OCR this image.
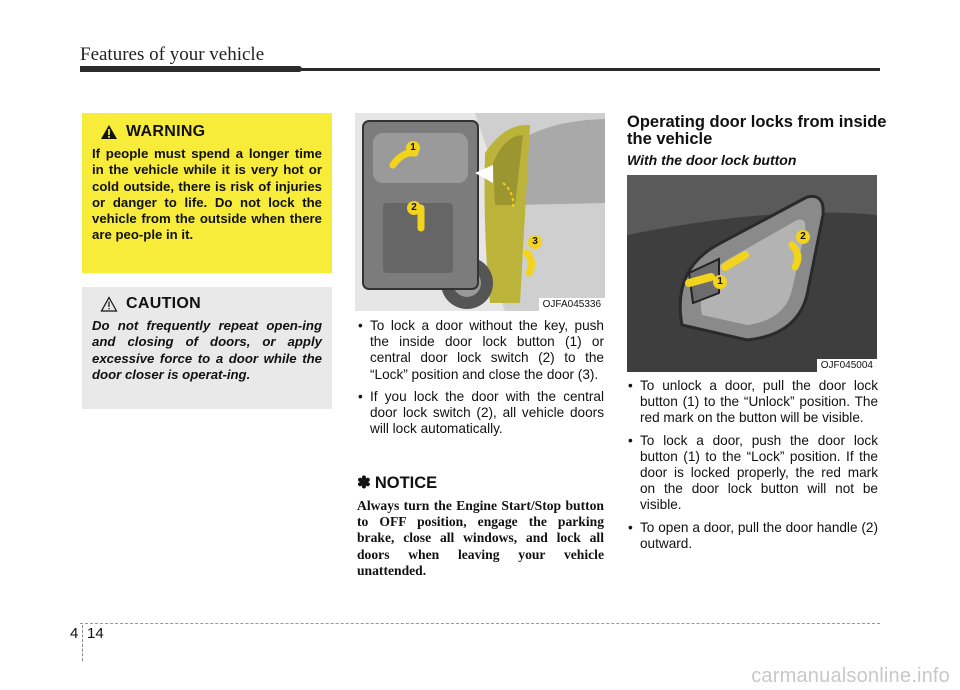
Features of your vehicle
WARNING
If people must spend a longer time in the vehicle while it is very hot or cold outside, there is risk of injuries or danger to life. Do not lock the vehicle from the outside when there are peo-ple in it.
CAUTION
Do not frequently repeat open-ing and closing of doors, or apply excessive force to a door while the door closer is operat-ing.
1
2
3
OJFA045336
• To lock a door without the key, push the inside door lock button (1) or central door lock switch (2) to the “Lock” position and close the door (3).
• If you lock the door with the central door lock switch (2), all vehicle doors will lock automatically.
✽ NOTICE
Always turn the Engine Start/Stop button to OFF position, engage the parking brake, close all windows, and lock all doors when leaving your vehicle unattended.
Operating door locks from inside the vehicle
With the door lock button
1
2
OJF045004
• To unlock a door, pull the door lock button (1) to the “Unlock” position. The red mark on the button will be visible.
• To lock a door, push the door lock button (1) to the “Lock” position. If the door is locked properly, the red mark on the door lock button will not be visible.
• To open a door, pull the door handle (2) outward.
4 14
carmanualsonline.info
